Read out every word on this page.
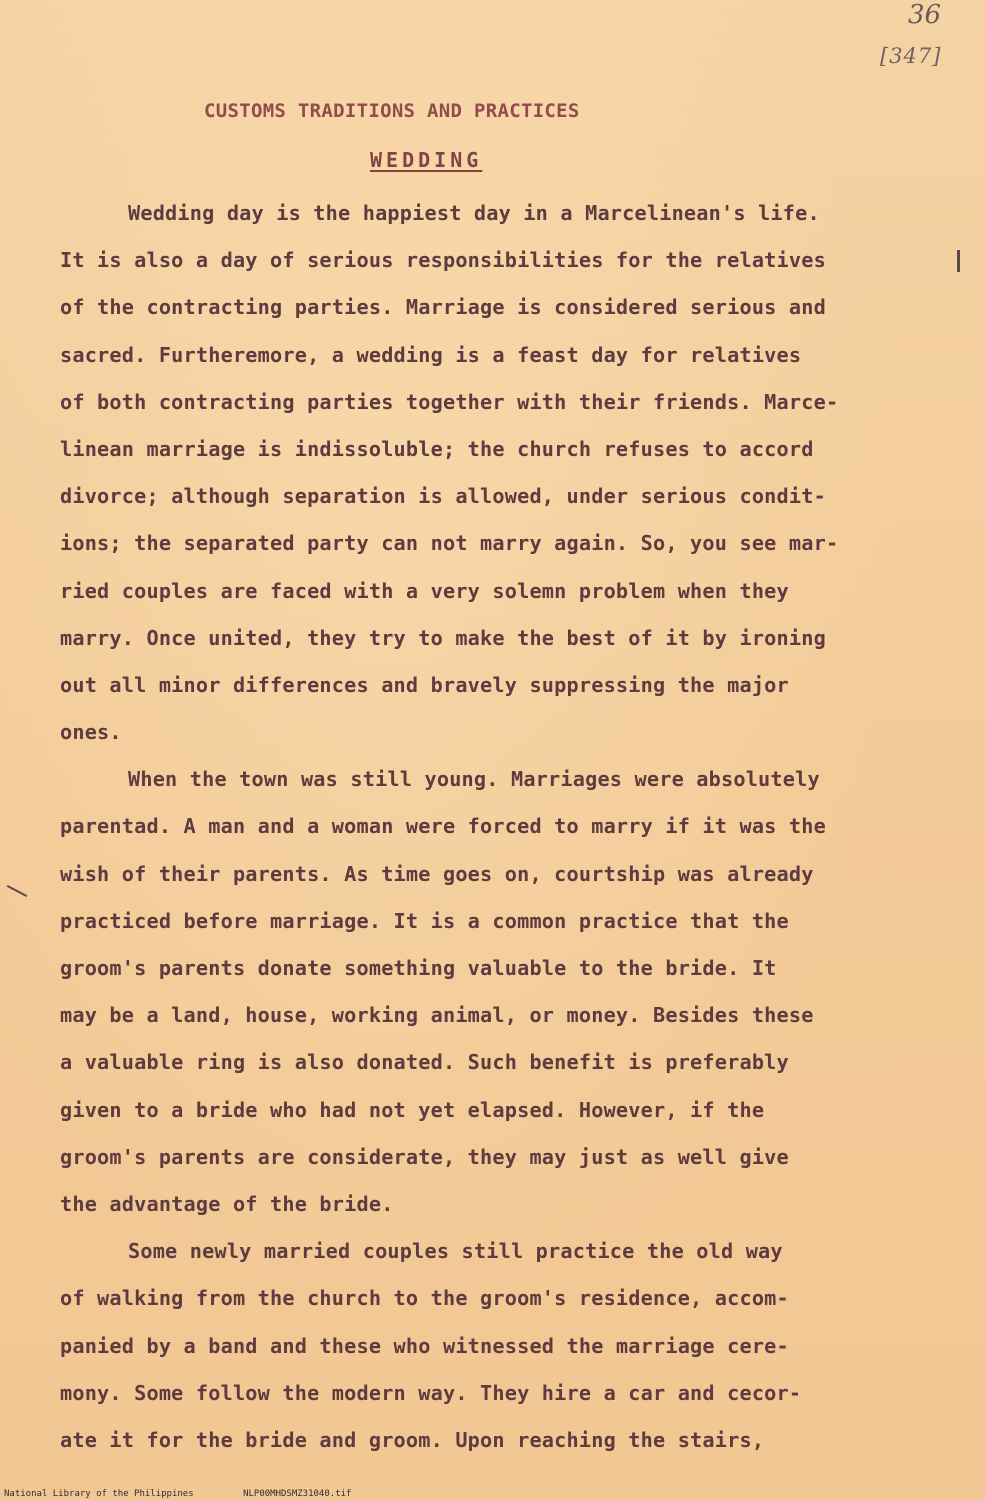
36
[347]
CUSTOMS TRADITIONS AND PRACTICES
WEDDING
Wedding day is the happiest day in a Marcelinean's life.
It is also a day of serious responsibilities for the relatives
of the contracting parties. Marriage is considered serious and
sacred. Furtheremore, a wedding is a feast day for relatives
of both contracting parties together with their friends. Marce-
linean marriage is indissoluble; the church refuses to accord
divorce; although separation is allowed, under serious condit-
ions; the separated party can not marry again. So, you see mar-
ried couples are faced with a very solemn problem when they
marry. Once united, they try to make the best of it by ironing
out all minor differences and bravely suppressing the major
ones.
When the town was still young. Marriages were absolutely
parentad. A man and a woman were forced to marry if it was the
wish of their parents. As time goes on, courtship was already
practiced before marriage. It is a common practice that the
groom's parents donate something valuable to the bride. It
may be a land, house, working animal, or money. Besides these
a valuable ring is also donated. Such benefit is preferably
given to a bride who had not yet elapsed. However, if the
groom's parents are considerate, they may just as well give
the advantage of the bride.
Some newly married couples still practice the old way
of walking from the church to the groom's residence, accom-
panied by a band and these who witnessed the marriage cere-
mony. Some follow the modern way. They hire a car and cecor-
ate it for the bride and groom. Upon reaching the stairs,
National Library of the Philippines	NLP00MHDSMZ31040.tif
